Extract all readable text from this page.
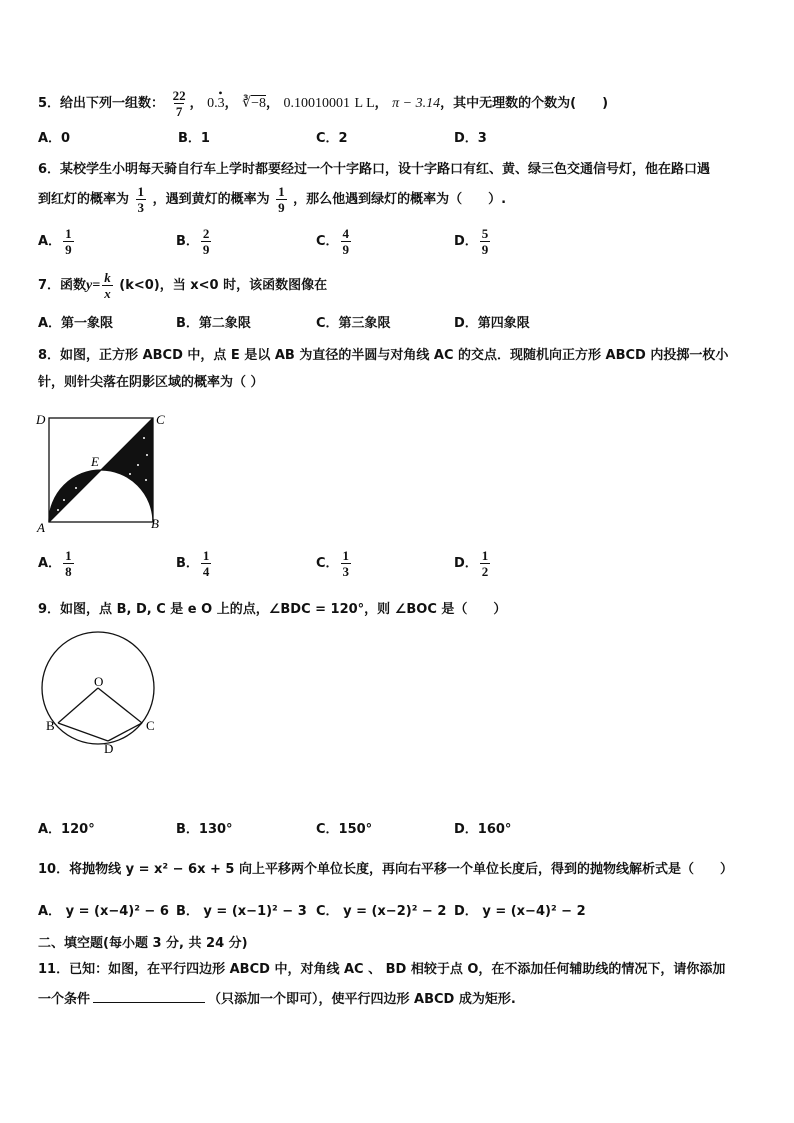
5．给出下列一组数： $\frac{22}{7}$ ，
•
0.3， ∛−8， 0.10010001 L L， π − 3.14，其中无理数的个数为(　　)
A．0	B．1	C．2	D．3
6．某校学生小明每天骑自行车上学时都要经过一个十字路口，设十字路口有红、黄、绿三色交通信号灯，他在路口遇
到红灯的概率为 $\frac{1}{3}$ ，遇到黄灯的概率为 $\frac{1}{9}$ ，那么他遇到绿灯的概率为（　　）.
A． $\frac{1}{9}$	B． $\frac{2}{9}$	C． $\frac{4}{9}$	D． $\frac{5}{9}$
7．函数$y= \frac{k}{x} (k<0)$，当 x<0 时，该函数图像在
A．第一象限	B．第二象限	C．第三象限	D．第四象限
8．如图，正方形 ABCD 中，点 E 是以 AB 为直径的半圆与对角线 AC 的交点．现随机向正方形 ABCD 内投掷一枚小
针，则针尖落在阴影区域的概率为（ ）
D	C
A	B
E
A． $\frac{1}{8}$	B． $\frac{1}{4}$	C． $\frac{1}{3}$	D． $\frac{1}{2}$
9．如图，点 B, D, C 是 e O 上的点，∠BDC = 120°，则 ∠BOC 是（　　）
O
B	C
D
A．120°	B．130°	C．150°	D．160°
10．将抛物线 y = x² − 6x + 5 向上平移两个单位长度，再向右平移一个单位长度后，得到的抛物线解析式是（　　）
A． y = (x−4)² − 6 B． y = (x−1)² − 3 C． y = (x−2)² − 2 D． y = (x−4)² − 2
二、填空题(每小题 3 分, 共 24 分)
11．已知：如图，在平行四边形 ABCD 中，对角线 AC 、 BD 相较于点 O，在不添加任何辅助线的情况下，请你添加
一个条件	（只添加一个即可），使平行四边形 ABCD 成为矩形.
